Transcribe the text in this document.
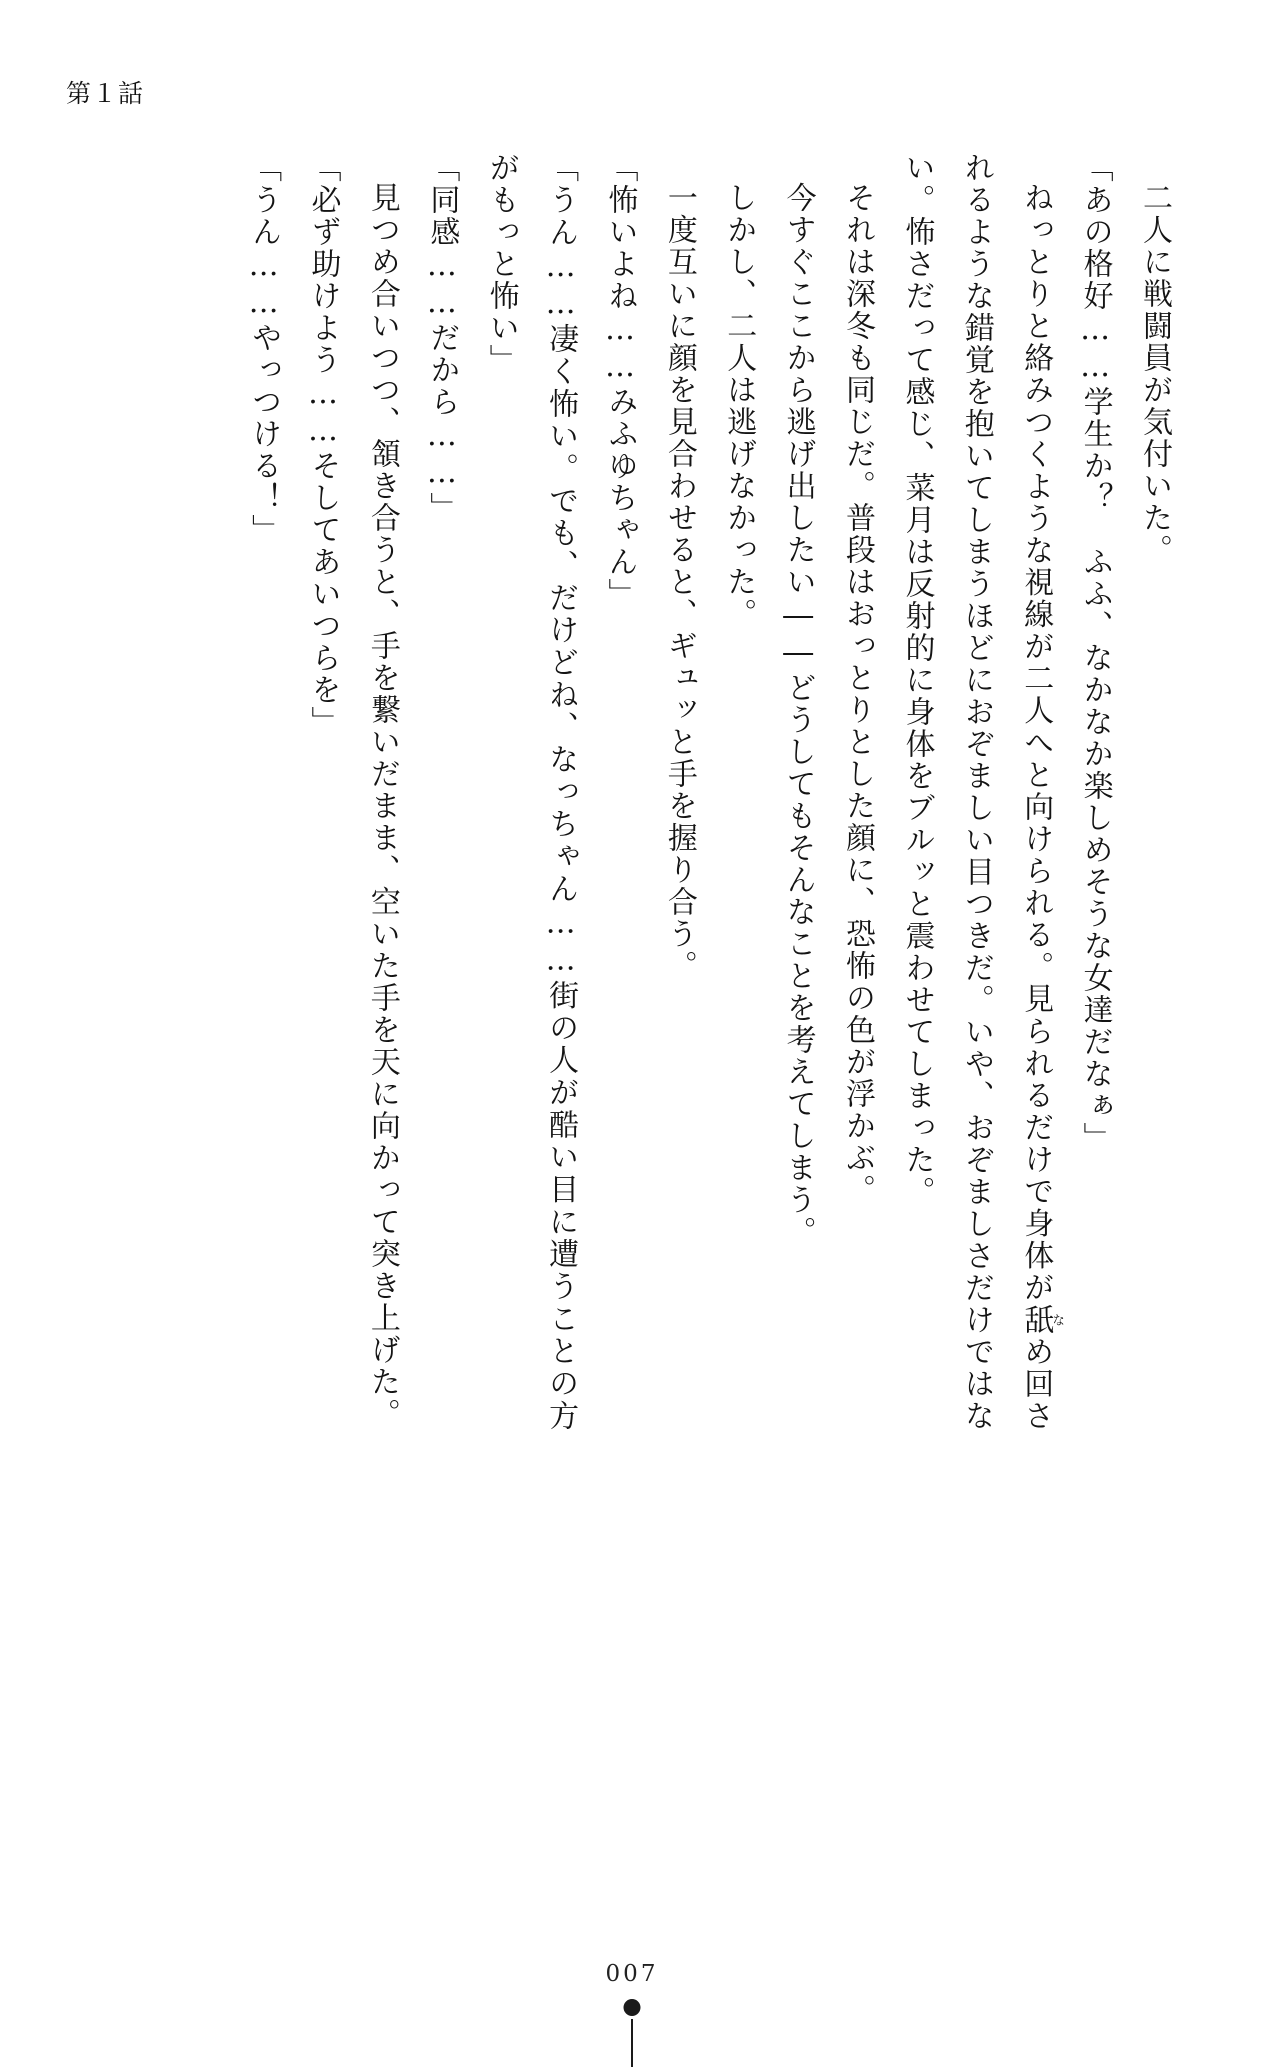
第１話

二人に戦闘員が気付いた。

「あの格好……学生か？　ふふ、なかなか楽しめそうな女達だなぁ」

ねっとりと絡みつくような視線が二人へと向けられる。見られるだけで身体が舐なめ回されるような錯覚を抱いてしまうほどにおぞましい目つきだ。いや、おぞましさだけではない。怖さだって感じ、菜月は反射的に身体をブルッと震わせてしまった。

それは深冬も同じだ。普段はおっとりとした顔に、恐怖の色が浮かぶ。

今すぐここから逃げ出したい――どうしてもそんなことを考えてしまう。

しかし、二人は逃げなかった。

一度互いに顔を見合わせると、ギュッと手を握り合う。

「怖いよね……みふゆちゃん」

「うん……凄く怖い。でも、だけどね、なっちゃん……街の人が酷い目に遭うことの方がもっと怖い」

「同感……だから……」

見つめ合いつつ、頷き合うと、手を繋いだまま、空いた手を天に向かって突き上げた。

「必ず助けよう……そしてあいつらを」

「うん……やっつける！」

007
